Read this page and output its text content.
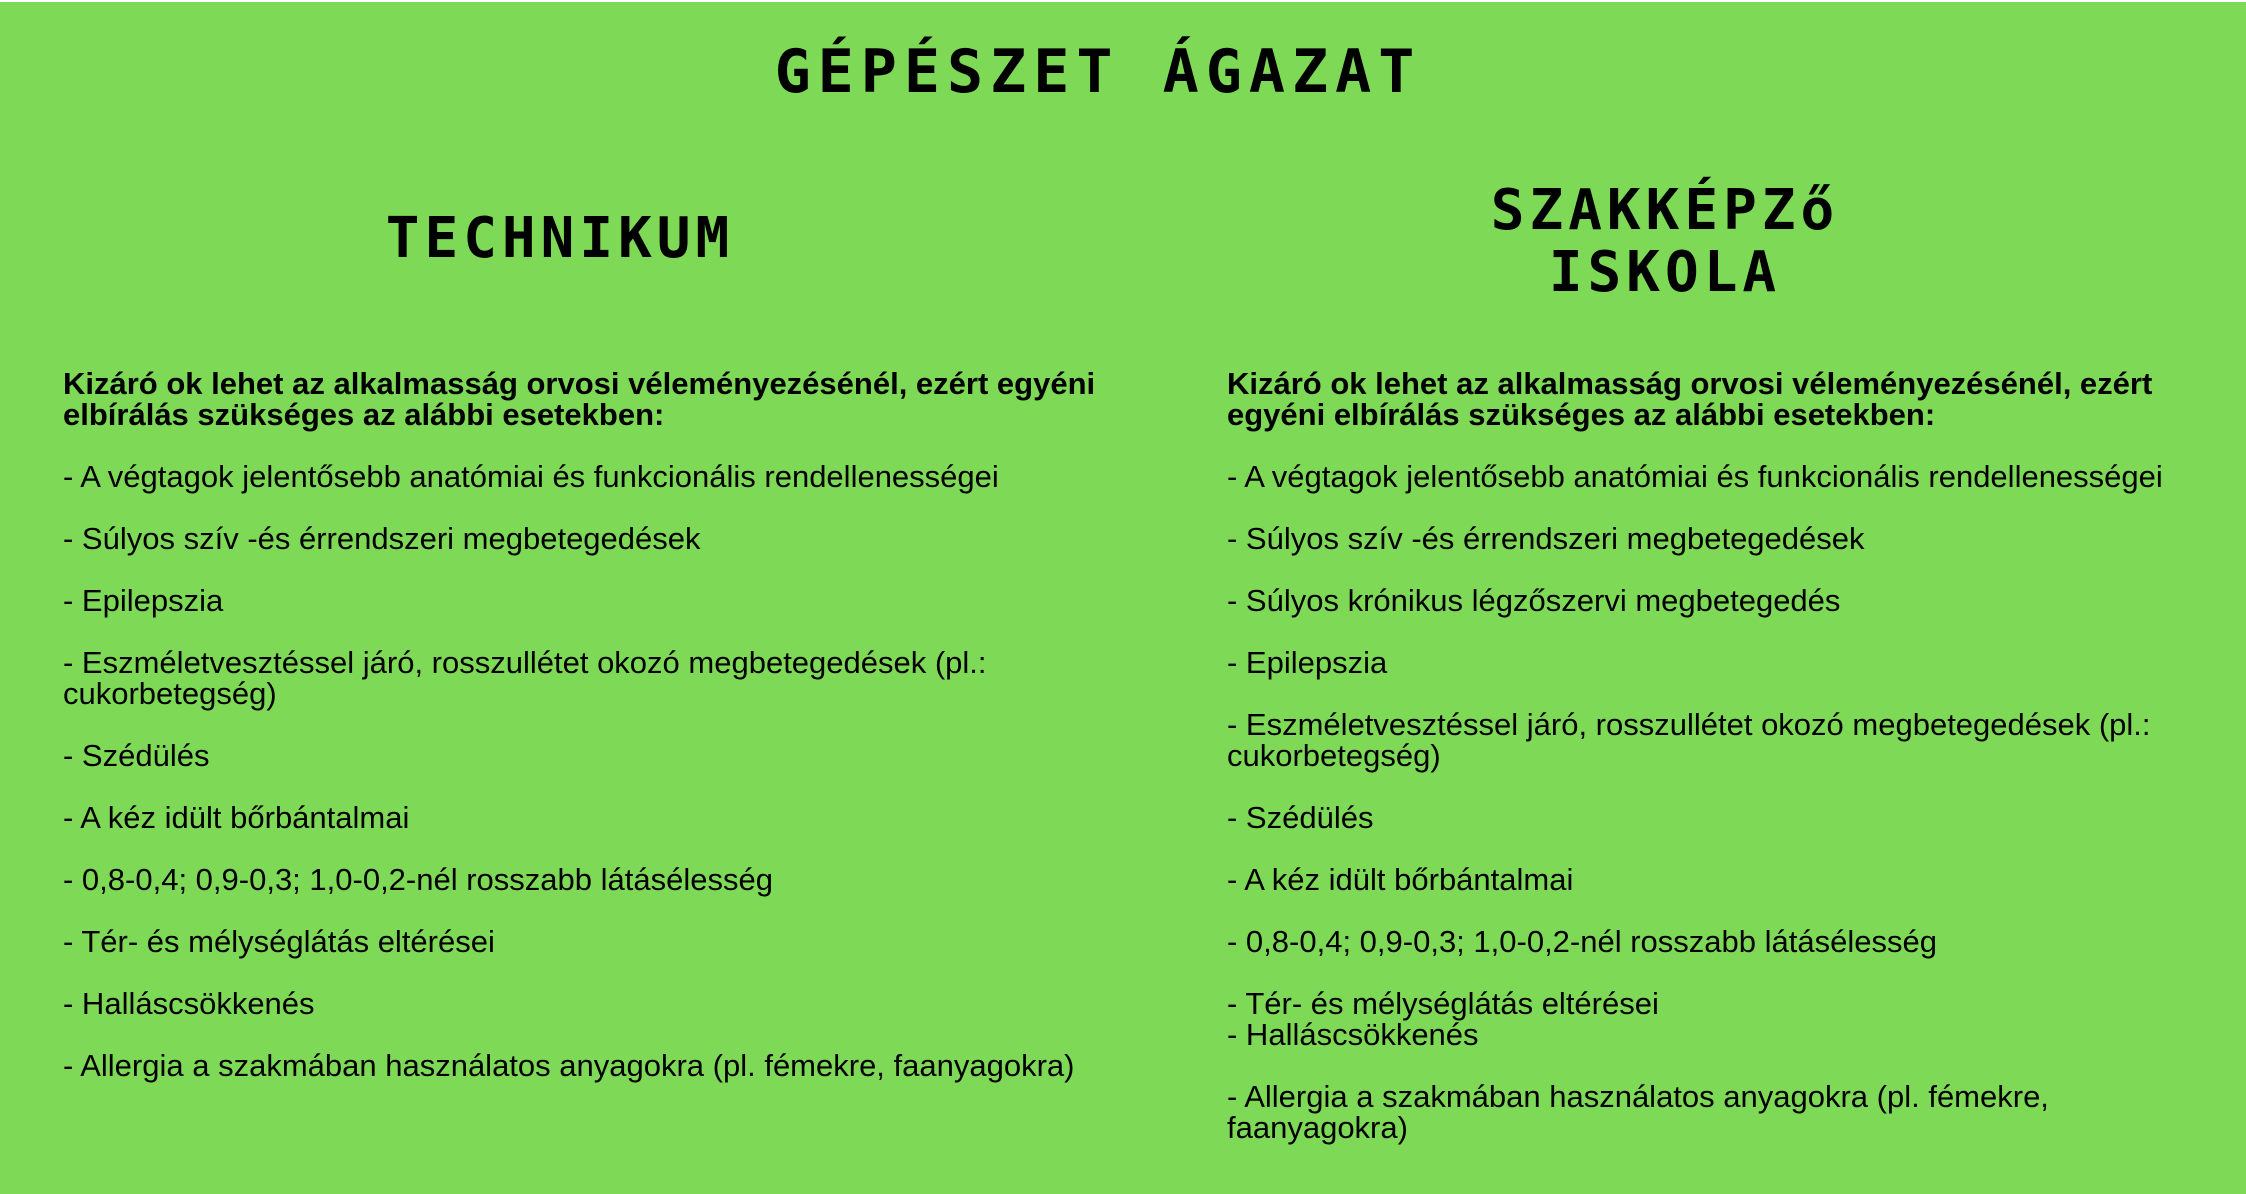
GÉPÉSZET ÁGAZAT
TECHNIKUM	SZAKKÉPZő
ISKOLA
Kizáró ok lehet az alkalmasság orvosi véleményezésénél, ezért egyéni elbírálás szükséges az alábbi esetekben:
- A végtagok jelentősebb anatómiai és funkcionális rendellenességei
- Súlyos szív -és érrendszeri megbetegedések
- Epilepszia
- Eszméletvesztéssel járó, rosszullétet okozó megbetegedések (pl.: cukorbetegség)
- Szédülés
- A kéz idült bőrbántalmai
- 0,8-0,4; 0,9-0,3; 1,0-0,2-nél rosszabb látásélesség
- Tér- és mélységlátás eltérései
- Halláscsökkenés
- Allergia a szakmában használatos anyagokra (pl. fémekre, faanyagokra)
Kizáró ok lehet az alkalmasság orvosi véleményezésénél, ezért egyéni elbírálás szükséges az alábbi esetekben:
- A végtagok jelentősebb anatómiai és funkcionális rendellenességei
- Súlyos szív -és érrendszeri megbetegedések
- Súlyos krónikus légzőszervi megbetegedés
- Epilepszia
- Eszméletvesztéssel járó, rosszullétet okozó megbetegedések (pl.: cukorbetegség)
- Szédülés
- A kéz idült bőrbántalmai
- 0,8-0,4; 0,9-0,3; 1,0-0,2-nél rosszabb látásélesség
- Tér- és mélységlátás eltérései
- Halláscsökkenés
- Allergia a szakmában használatos anyagokra (pl. fémekre, faanyagokra)
